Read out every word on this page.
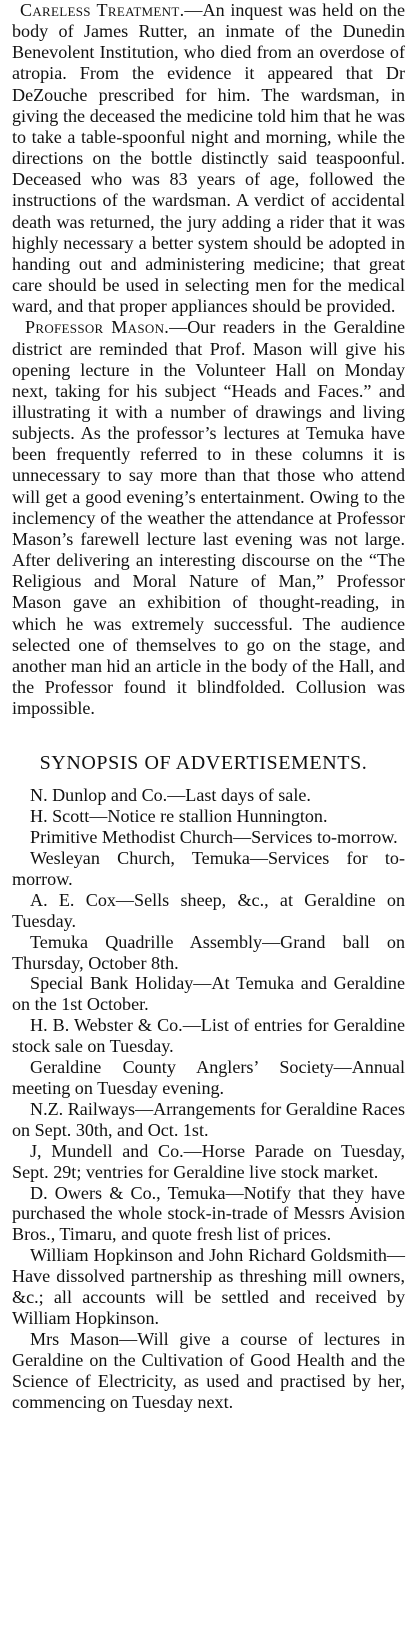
Careless Treatment.—An inquest was held on the body of James Rutter, an inmate of the Dunedin Benevolent Institution, who died from an overdose of atropia. From the evidence it appeared that Dr DeZouche prescribed for him. The wardsman, in giving the deceased the medicine told him that he was to take a table-spoonful night and morning, while the directions on the bottle distinctly said teaspoonful. Deceased who was 83 years of age, followed the instructions of the wardsman. A verdict of accidental death was returned, the jury adding a rider that it was highly necessary a better system should be adopted in handing out and administering medicine; that great care should be used in selecting men for the medical ward, and that proper appliances should be provided.

Professor Mason.—Our readers in the Geraldine district are reminded that Prof. Mason will give his opening lecture in the Volunteer Hall on Monday next, taking for his subject “Heads and Faces.” and illustrating it with a number of drawings and living subjects. As the professor’s lectures at Temuka have been frequently referred to in these columns it is unnecessary to say more than that those who attend will get a good evening’s entertainment. Owing to the inclemency of the weather the attendance at Professor Mason’s farewell lecture last evening was not large. After delivering an interesting discourse on the “The Religious and Moral Nature of Man,” Professor Mason gave an exhibition of thought-reading, in which he was extremely successful. The audience selected one of themselves to go on the stage, and another man hid an article in the body of the Hall, and the Professor found it blindfolded. Collusion was impossible.

SYNOPSIS OF ADVERTISEMENTS.

N. Dunlop and Co.—Last days of sale.

H. Scott—Notice re stallion Hunnington.

Primitive Methodist Church—Services to-morrow.

Wesleyan Church, Temuka—Services for to-morrow.

A. E. Cox—Sells sheep, &c., at Geraldine on Tuesday.

Temuka Quadrille Assembly—Grand ball on Thursday, October 8th.

Special Bank Holiday—At Temuka and Geraldine on the 1st October.

H. B. Webster & Co.—List of entries for Geraldine stock sale on Tuesday.

Geraldine County Anglers’ Society—Annual meeting on Tuesday evening.

N.Z. Railways—Arrangements for Geraldine Races on Sept. 30th, and Oct. 1st.

J, Mundell and Co.—Horse Parade on Tuesday, Sept. 29t; ventries for Geraldine live stock market.

D. Owers & Co., Temuka—Notify that they have purchased the whole stock-in-trade of Messrs Avision Bros., Timaru, and quote fresh list of prices.

William Hopkinson and John Richard Goldsmith—Have dissolved partnership as threshing mill owners, &c.; all accounts will be settled and received by William Hopkinson.

Mrs Mason—Will give a course of lectures in Geraldine on the Cultivation of Good Health and the Science of Electricity, as used and practised by her, commencing on Tuesday next.
